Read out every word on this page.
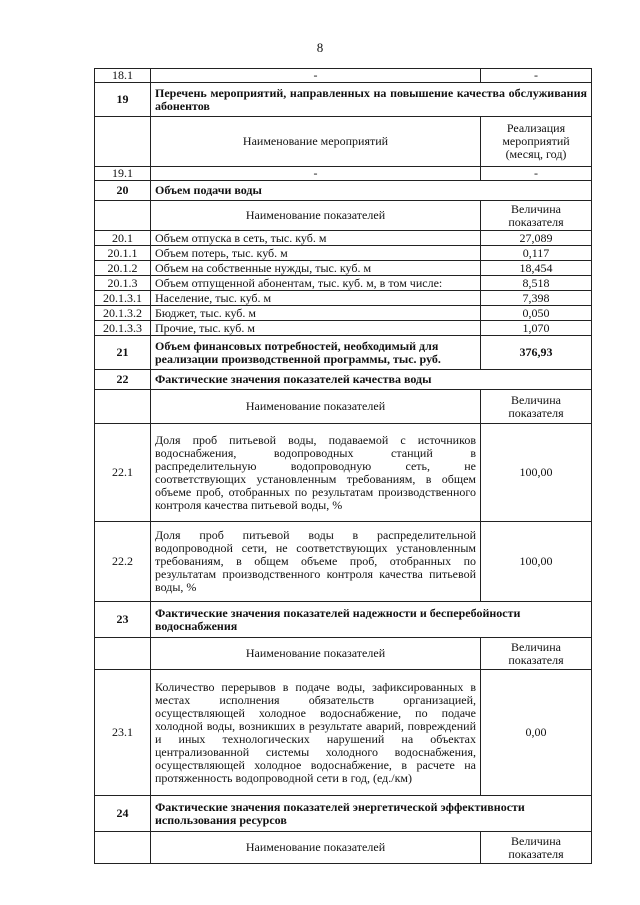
8
18.1	-	-
19	Перечень мероприятий, направленных на повышение качества обслуживания абонентов	
	Наименование мероприятий	Реализация мероприятий (месяц, год)
19.1	-	-
20	Объем подачи воды	
	Наименование показателей	Величина показателя
20.1	Объем отпуска в сеть, тыс. куб. м	27,089
20.1.1	Объем потерь, тыс. куб. м	0,117
20.1.2	Объем на собственные нужды, тыс. куб. м	18,454
20.1.3	Объем отпущенной абонентам, тыс. куб. м, в том числе:	8,518
20.1.3.1	Население, тыс. куб. м	7,398
20.1.3.2	Бюджет, тыс. куб. м	0,050
20.1.3.3	Прочие, тыс. куб. м	1,070
21	Объем финансовых потребностей, необходимый для реализации производственной программы, тыс. руб.	376,93
22	Фактические значения показателей качества воды	
	Наименование показателей	Величина показателя
22.1	Доля проб питьевой воды, подаваемой с источников водоснабжения, водопроводных станций в распределительную водопроводную сеть, не соответствующих установленным требованиям, в общем объеме проб, отобранных по результатам производственного контроля качества питьевой воды, %	100,00
22.2	Доля проб питьевой воды в распределительной водопроводной сети, не соответствующих установленным требованиям, в общем объеме проб, отобранных по результатам производственного контроля качества питьевой воды, %	100,00
23	Фактические значения показателей надежности и бесперебойности водоснабжения	
	Наименование показателей	Величина показателя
23.1	Количество перерывов в подаче воды, зафиксированных в местах исполнения обязательств организацией, осуществляющей холодное водоснабжение, по подаче холодной воды, возникших в результате аварий, повреждений и иных технологических нарушений на объектах централизованной системы холодного водоснабжения, осуществляющей холодное водоснабжение, в расчете на протяженность водопроводной сети в год, (ед./км)	0,00
24	Фактические значения показателей энергетической эффективности использования ресурсов	
	Наименование показателей	Величина показателя
